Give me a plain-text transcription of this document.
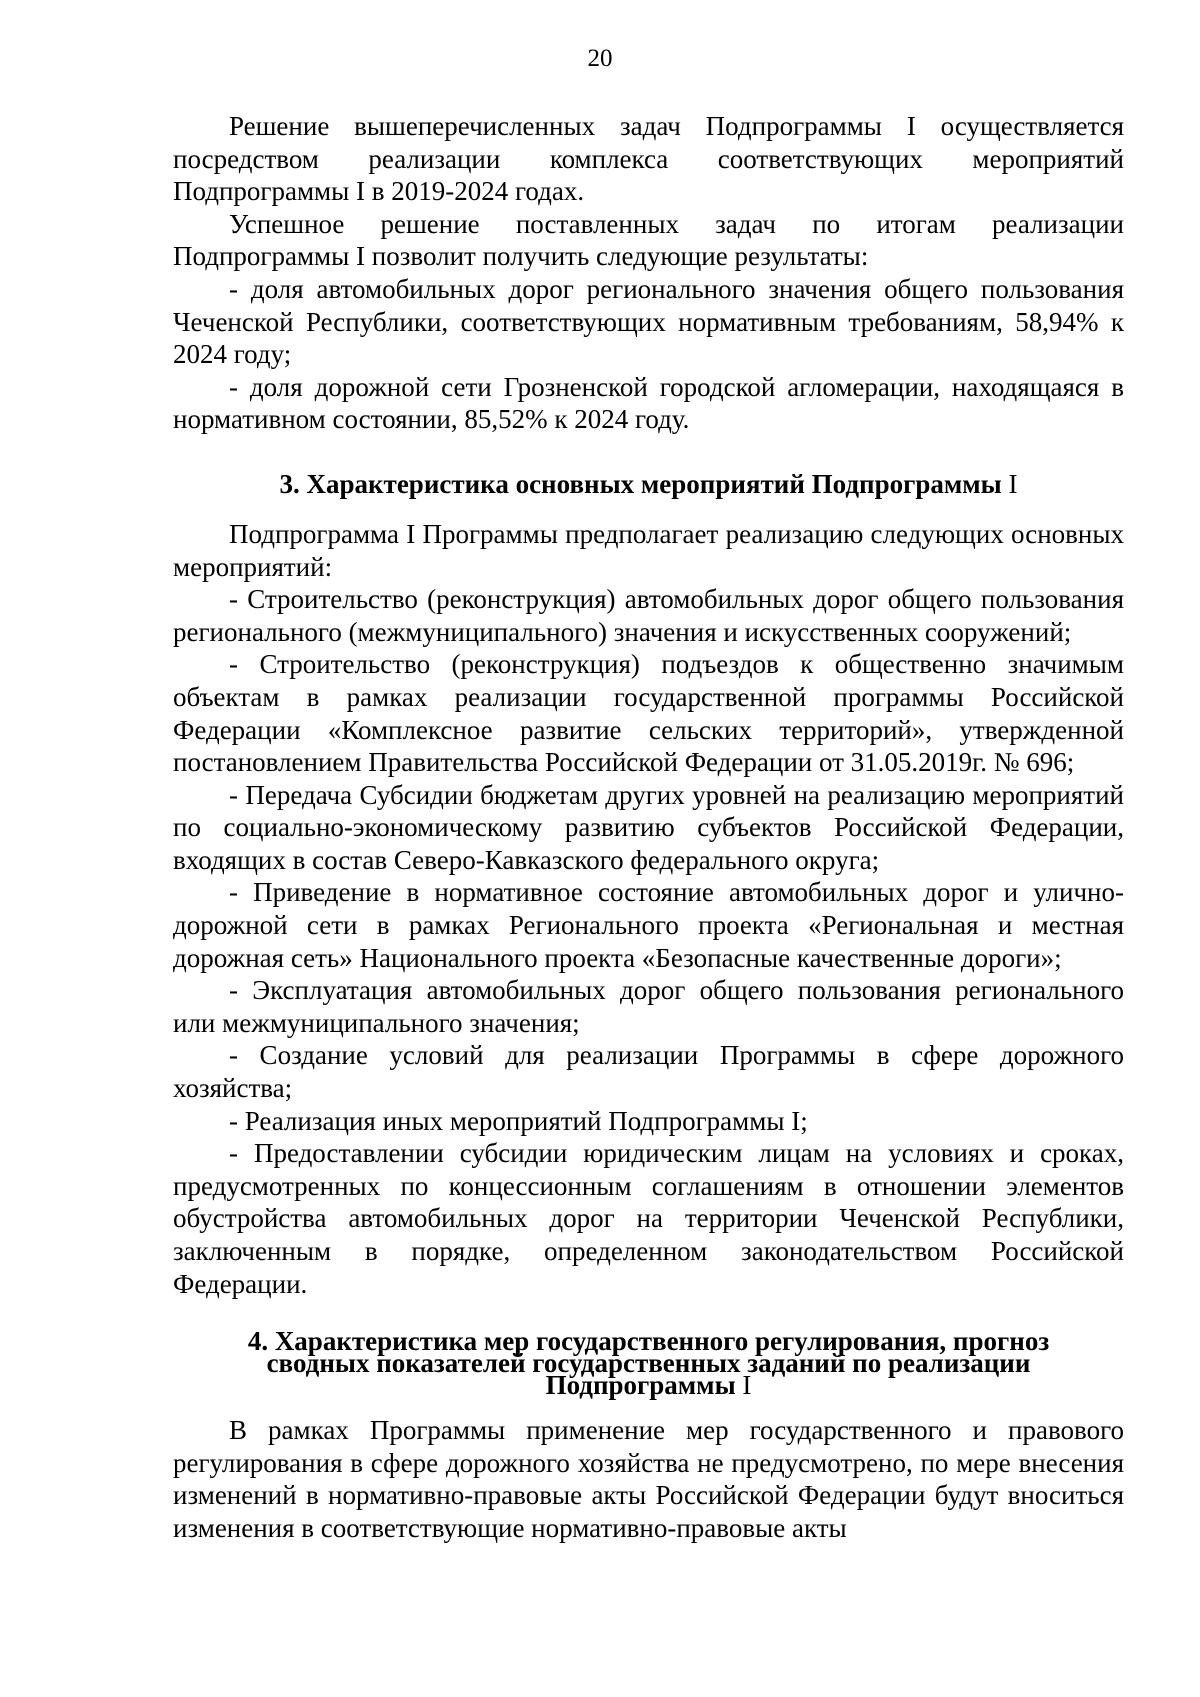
20

Решение вышеперечисленных задач Подпрограммы I осуществляется посредством реализации комплекса соответствующих мероприятий Подпрограммы I в 2019-2024 годах.

Успешное решение поставленных задач по итогам реализации Подпрограммы I позволит получить следующие результаты:

- доля автомобильных дорог регионального значения общего пользования Чеченской Республики, соответствующих нормативным требованиям, 58,94% к 2024 году;

- доля дорожной сети Грозненской городской агломерации, находящаяся в нормативном состоянии, 85,52% к 2024 году.

3. Характеристика основных мероприятий Подпрограммы I

Подпрограмма I Программы предполагает реализацию следующих основных мероприятий:

- Строительство (реконструкция) автомобильных дорог общего пользования регионального (межмуниципального) значения и искусственных сооружений;

- Строительство (реконструкция) подъездов к общественно значимым объектам в рамках реализации государственной программы Российской Федерации «Комплексное развитие сельских территорий», утвержденной постановлением Правительства Российской Федерации от 31.05.2019г. № 696;

- Передача Субсидии бюджетам других уровней на реализацию мероприятий по социально-экономическому развитию субъектов Российской Федерации, входящих в состав Северо-Кавказского федерального округа;

- Приведение в нормативное состояние автомобильных дорог и улично-дорожной сети в рамках Регионального проекта «Региональная и местная дорожная сеть» Национального проекта «Безопасные качественные дороги»;

- Эксплуатация автомобильных дорог общего пользования регионального или межмуниципального значения;

- Создание условий для реализации Программы в сфере дорожного хозяйства;

- Реализация иных мероприятий Подпрограммы I;

- Предоставлении субсидии юридическим лицам на условиях и сроках, предусмотренных по концессионным соглашениям в отношении элементов обустройства автомобильных дорог на территории Чеченской Республики, заключенным в порядке, определенном законодательством Российской Федерации.

4. Характеристика мер государственного регулирования, прогноз
сводных показателей государственных заданий по реализации
Подпрограммы I

В рамках Программы применение мер государственного и правового регулирования в сфере дорожного хозяйства не предусмотрено, по мере внесения изменений в нормативно-правовые акты Российской Федерации будут вноситься изменения в соответствующие нормативно-правовые акты
